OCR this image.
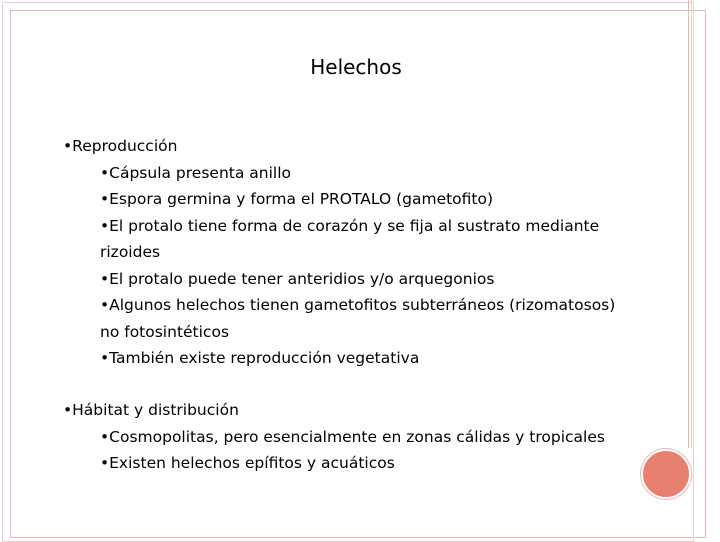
Helechos
•Reproducción
•Cápsula presenta anillo
•Espora germina y forma el PROTALO (gametofito)
•El protalo tiene forma de corazón y se fija al sustrato mediante
rizoides
•El protalo puede tener anteridios y/o arquegonios
•Algunos helechos tienen gametofitos subterráneos (rizomatosos)
no fotosintéticos
•También existe reproducción vegetativa
•Hábitat y distribución
•Cosmopolitas, pero esencialmente en zonas cálidas y tropicales
•Existen helechos epífitos y acuáticos
